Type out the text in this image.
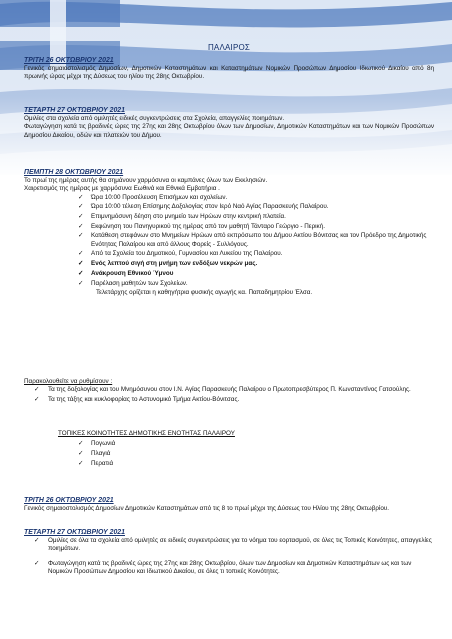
ΠΑΛΑΙΡΟΣ

ΤΡΙΤΗ 26 ΟΚΤΩΒΡΙΟΥ 2021

Γενικός σημαιοστολισμός Δημοσίων, Δημοτικών Καταστημάτων και Καταστημάτων Νομικών Προσώπων Δημοσίου Ιδιωτικού Δικαίου από 8η πρωινής ώρας μέχρι της Δύσεως του ηλίου της 28ης Οκτωβρίου.

ΤΕΤΑΡΤΗ 27 ΟΚΤΩΒΡΙΟΥ 2021

Ομιλίες στα σχολεία από ομιλητές ειδικές συγκεντρώσεις στα Σχολεία, απαγγελίες ποιημάτων.

Φωταγώγηση κατά τις βραδινές ώρες της 27ης και 28ης Οκτωβρίου όλων των Δημοσίων, Δημοτικών Καταστημάτων και των Νομικών Προσώπων Δημοσίου Δικαίου, οδών και πλατειών του Δήμου.

ΠΕΜΠΤΗ 28 ΟΚΤΩΒΡΙΟΥ 2021

Το πρωί της ημέρας αυτής θα σημάνουν χαρμόσυνα οι καμπάνες όλων των Εκκλησιών.

Χαιρετισμός της ημέρας με χαρμόσυνα Εωθινά και Εθνικά Εμβατήρια .

✓ Ώρα 10:00 Προσέλευση Επισήμων και σχολείων.
✓ Ώρα 10:00 τέλεση Επίσημης Δοξολογίας στον Ιερό Ναό Αγίας Παρασκευής Παλαίρου.
✓ Επιμνημόσυνη δέηση στο μνημείο των Ηρώων στην κεντρική πλατεία.
✓ Εκφώνηση του Πανηγυρικού της ημέρας από τον μαθητή Τάνταρο Γεώργιο - Περική.
✓ Κατάθεση στεφάνων στο Μνημείων Ηρώων από εκπρόσωπο του Δήμου Ακτίου Βόνιτσας και τον Πρόεδρο της Δημοτικής Ενότητας Παλαίρου και από άλλους Φορείς - Συλλόγους.
✓ Από τα Σχολεία του Δημοτικού, Γυμνασίου και Λυκείου της Παλαίρου.
✓ Ενός λεπτού σιγή στη μνήμη των ενδόξων νεκρών μας.
✓ Ανάκρουση Εθνικού Ύμνου
✓ Παρέλαση μαθητών των Σχολείων.

Τελετάρχης ορίζεται η καθηγήτρια φυσικής αγωγής κα. Παπαδημητρίου Έλσα.

Παρακολουθείτε να ρυθμίσουν :

✓ Τα της δοξολογίας και του Μνημόσυνου στον Ι.Ν. Αγίας Παρασκευής Παλαίρου ο Πρωτοπρεσβύτερος Π. Κωνσταντίνος Γατσούλης.
✓ Τα της τάξης και κυκλοφορίας το Αστυνομικό Τμήμα Ακτίου-Βόνιτσας.

ΤΟΠΙΚΕΣ ΚΟΙΝΟΤΗΤΕΣ ΔΗΜΟΤΙΚΗΣ ΕΝΟΤΗΤΑΣ ΠΑΛΑΙΡΟΥ

✓ Πογωνιά
✓ Πλαγιά
✓ Περατιά

ΤΡΙΤΗ 26 ΟΚΤΩΒΡΙΟΥ 2021

Γενικός σημαιοστολισμός Δημοσίων Δημοτικών Καταστημάτων από τις 8 το πρωί μέχρι της Δύσεως του Ηλίου της 28ης Οκτωβρίου.

ΤΕΤΑΡΤΗ 27 ΟΚΤΩΒΡΙΟΥ 2021

✓ Ομιλίες σε όλα τα σχολεία από ομιλητές σε ειδικές συγκεντρώσεις για το νόημα του εορτασμού, σε όλες τις Τοπικές Κοινότητες, απαγγελίες ποιημάτων.
✓ Φωταγώγηση κατά τις βραδινές ώρες της 27ης και 28ης Οκτωβρίου, όλων των Δημοσίων και Δημοτικών Καταστημάτων ως και των Νομικών Προσώπων Δημοσίου και Ιδιωτικού Δικαίου, σε όλες τι τοπικές Κοινότητες.
